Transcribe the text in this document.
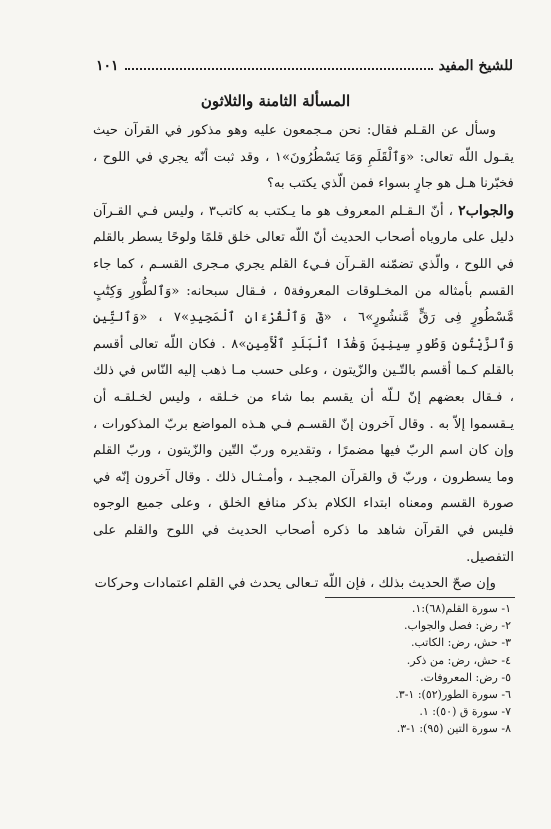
للشيخ المفيد
١٠١
المسألة الثامنة والثلاثون

وسأل عن القـلم فقال: نحن مـجمعون عليه وهو مذكور في القرآن حيث يقـول اللّه تعالى: «وَٱلْقَلَمِ وَمَا يَسْطُرُونَ»١ ، وقد ثبت أنّه يجري في اللوح ، فخبّرنا هـل هو جارٍ بسواء فمن الّذي يكتب به؟

والجواب٢ ، أنّ الـقـلم المعروف هو ما يـكتب به كاتب٣ ، وليس فـي القـرآن دليل على ماروياه أصحاب الحديث أنّ اللّه تعالى خلق قلمًا ولوحًا يسطر بالقلم في اللوح ، والّذي تضمّنه القـرآن فـي٤ القلم يجري مـجرى القسـم ، كما جاء القسم بأمثاله من المخـلوقات المعروفة٥ ، فـقال سبحانه: «وَٱلطُّورِ وَكِتَٰبٍ مَّسْطُورٍ فِى رَقٍّ مَّنشُورٍ»٦ ، «قٓ وَٱلْقُرْءَانِ ٱلْمَجِيدِ»٧ ، «وَٱلتِّينِ وَٱلزَّيْتُونِ وَطُورِ سِينِينَ وَهَٰذَا ٱلْبَلَدِ ٱلْأَمِينِ»٨ . فكان اللّه تعالى أقسم بالقلم كـما أقسم بالتّـين والزّيتون ، وعلى حسب مـا ذهب إليه النّاس في ذلك ، فـقال بعضهم إنّ لـلّه أن يقسم بما شاء من خـلقه ، وليس لخـلقـه أن يـقسموا إلاّ به . وقال آخرون إنّ القسـم فـي هـذه المواضع بربّ المذكورات ، وإن كان اسم الربّ فيها مضمرًا ، وتقديره وربّ التّين والزّيتون ، وربّ القلم وما يسطرون ، وربّ ق والقرآن المجيـد ، وأمـثـال ذلك . وقال آخرون إنّه في صورة القسم ومعناه ابتداء الكلام بذكر منافع الخلق ، وعلى جميع الوجوه فليس في القرآن شاهد ما ذكره أصحاب الحديث في اللوح والقلم على التفصيل.

وإن صحّ الحديث بذلك ، فإن اللّه تـعالى يحدث في القلم اعتمادات وحركات

١- سورة القلم(٦٨):١.
٢- رض: فصل والجواب.
٣- حش، رض: الكاتب.
٤- حش، رض: من ذكر.
٥- رض: المعروفات.
٦- سورة الطور(٥٢): ١-٣.
٧- سورة ق (٥٠): ١.
٨- سورة التين (٩٥): ١-٣.
